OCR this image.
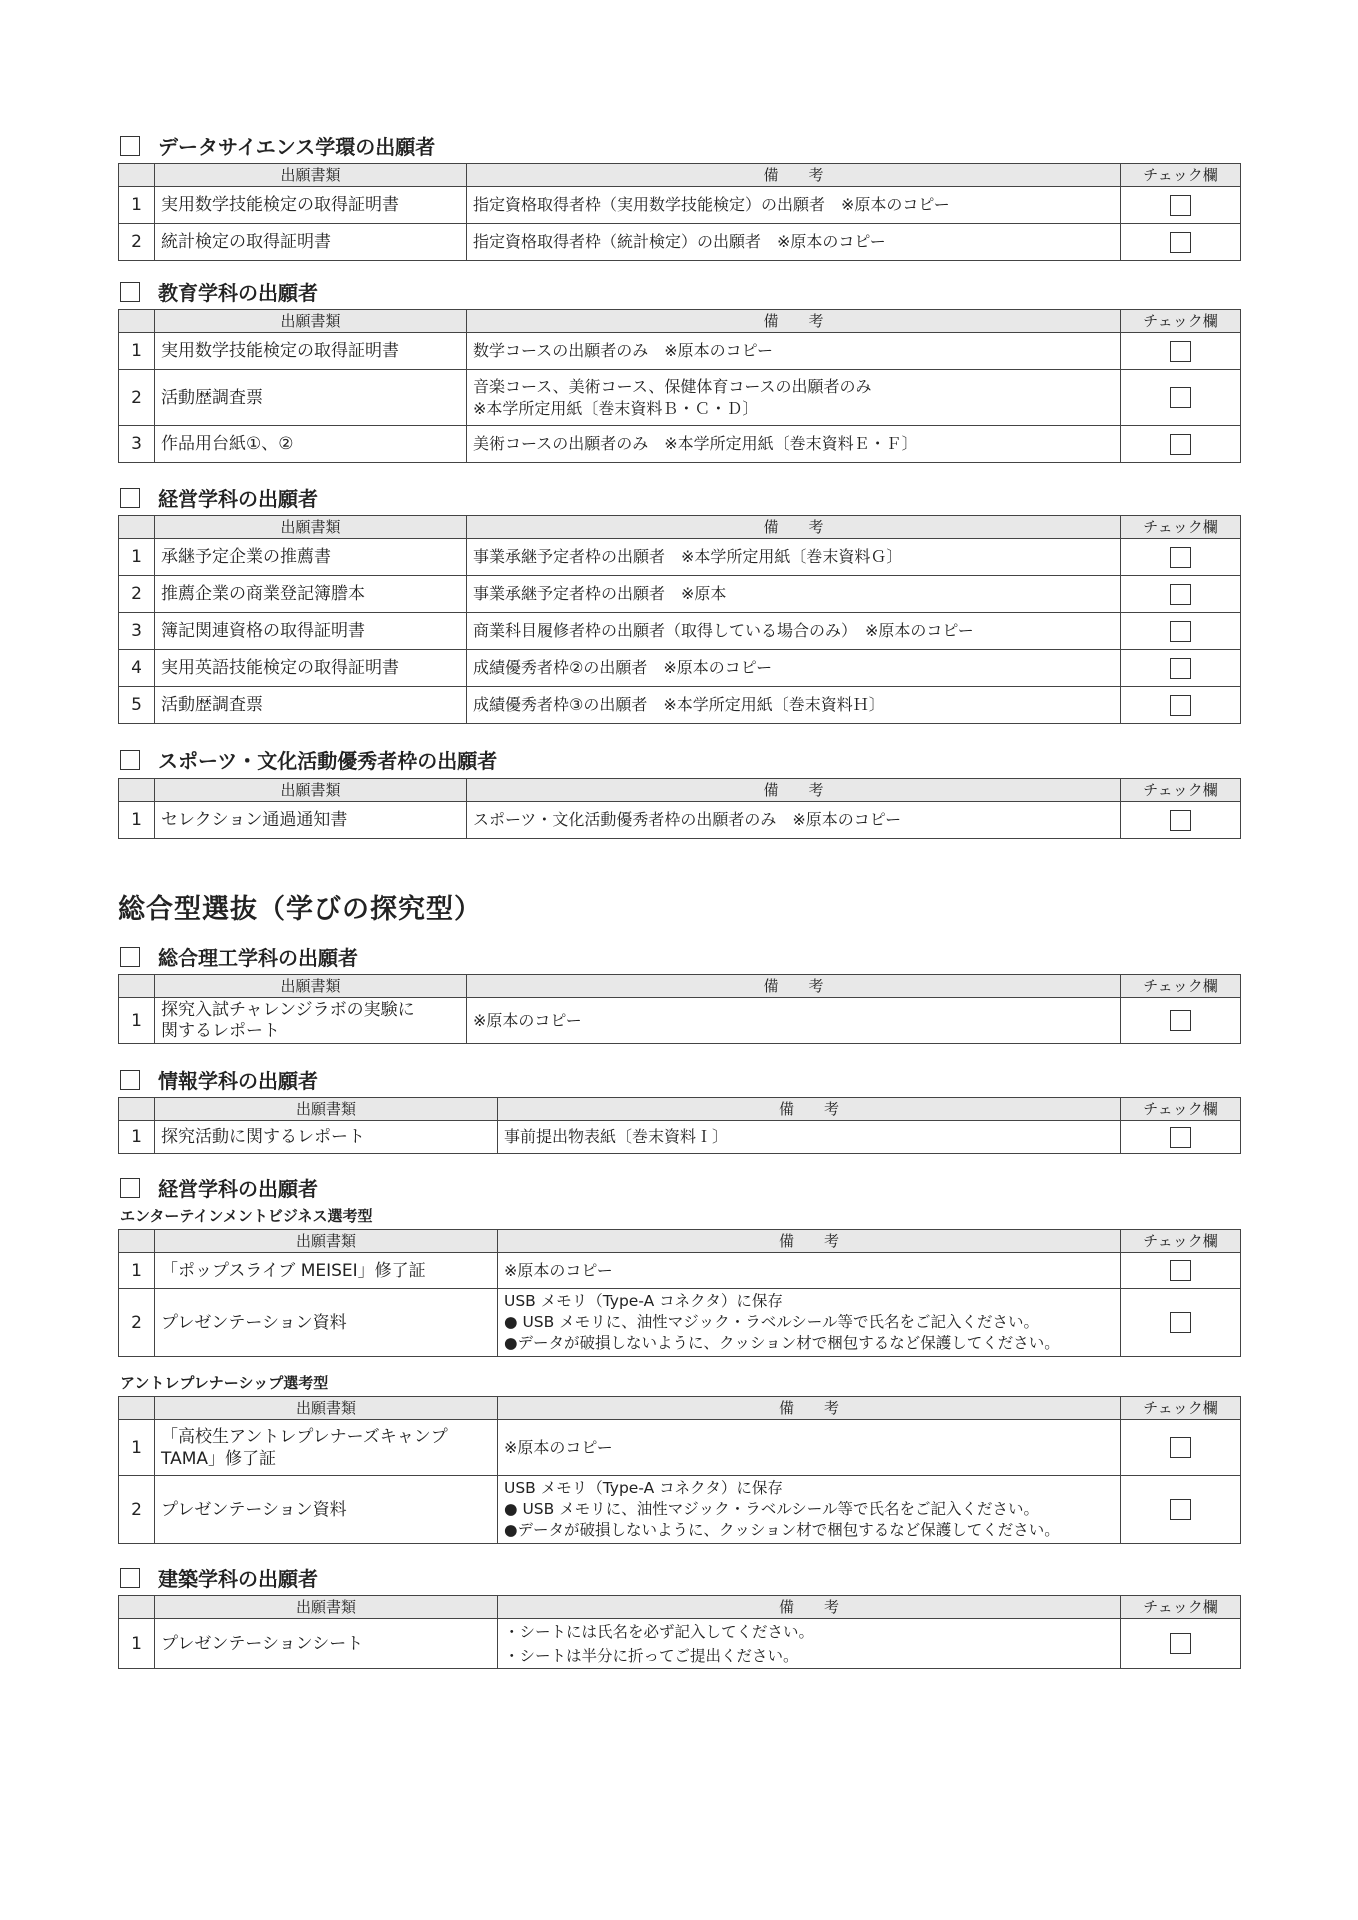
データサイエンス学環の出願者
	出願書類	備　　考	チェック欄
1	実用数学技能検定の取得証明書	指定資格取得者枠（実用数学技能検定）の出願者　※原本のコピー	
2	統計検定の取得証明書	指定資格取得者枠（統計検定）の出願者　※原本のコピー	
教育学科の出願者
	出願書類	備　　考	チェック欄
1	実用数学技能検定の取得証明書	数学コースの出願者のみ　※原本のコピー	
2	活動歴調査票	音楽コース、美術コース、保健体育コースの出願者のみ
※本学所定用紙〔巻末資料Ｂ・Ｃ・Ｄ〕	

3	作品用台紙①、②	美術コースの出願者のみ　※本学所定用紙〔巻末資料Ｅ・Ｆ〕	
経営学科の出願者
	出願書類	備　　考	チェック欄
1	承継予定企業の推薦書	事業承継予定者枠の出願者　※本学所定用紙〔巻末資料Ｇ〕	
2	推薦企業の商業登記簿謄本	事業承継予定者枠の出願者　※原本	
3	簿記関連資格の取得証明書	商業科目履修者枠の出願者（取得している場合のみ）　※原本のコピー	
4	実用英語技能検定の取得証明書	成績優秀者枠②の出願者　※原本のコピー	
5	活動歴調査票	成績優秀者枠③の出願者　※本学所定用紙〔巻末資料Ｈ〕	
スポーツ・文化活動優秀者枠の出願者
	出願書類	備　　考	チェック欄
1	セレクション通過通知書	スポーツ・文化活動優秀者枠の出願者のみ　※原本のコピー	
総合型選抜（学びの探究型）
総合理工学科の出願者
	出願書類	備　　考	チェック欄
1	探究入試チャレンジラボの実験に
関するレポート	※原本のコピー	
情報学科の出願者
	出願書類	備　　考	チェック欄
1	探究活動に関するレポート	事前提出物表紙〔巻末資料Ｉ〕	
経営学科の出願者
エンターテインメントビジネス選考型
	出願書類	備　　考	チェック欄
1	「ポップスライブ MEISEI」修了証	※原本のコピー	
2	プレゼンテーション資料	USB メモリ（Type-A コネクタ）に保存
● USB メモリに、油性マジック・ラベルシール等で氏名をご記入ください。
●データが破損しないように、クッション材で梱包するなど保護してください。	

アントレプレナーシップ選考型
	出願書類	備　　考	チェック欄
1	「高校生アントレプレナーズキャンプ
TAMA」修了証	※原本のコピー	
2	プレゼンテーション資料	USB メモリ（Type-A コネクタ）に保存
● USB メモリに、油性マジック・ラベルシール等で氏名をご記入ください。
●データが破損しないように、クッション材で梱包するなど保護してください。	

建築学科の出願者
	出願書類	備　　考	チェック欄
1	プレゼンテーションシート	・シートには氏名を必ず記入してください。
・シートは半分に折ってご提出ください。	
